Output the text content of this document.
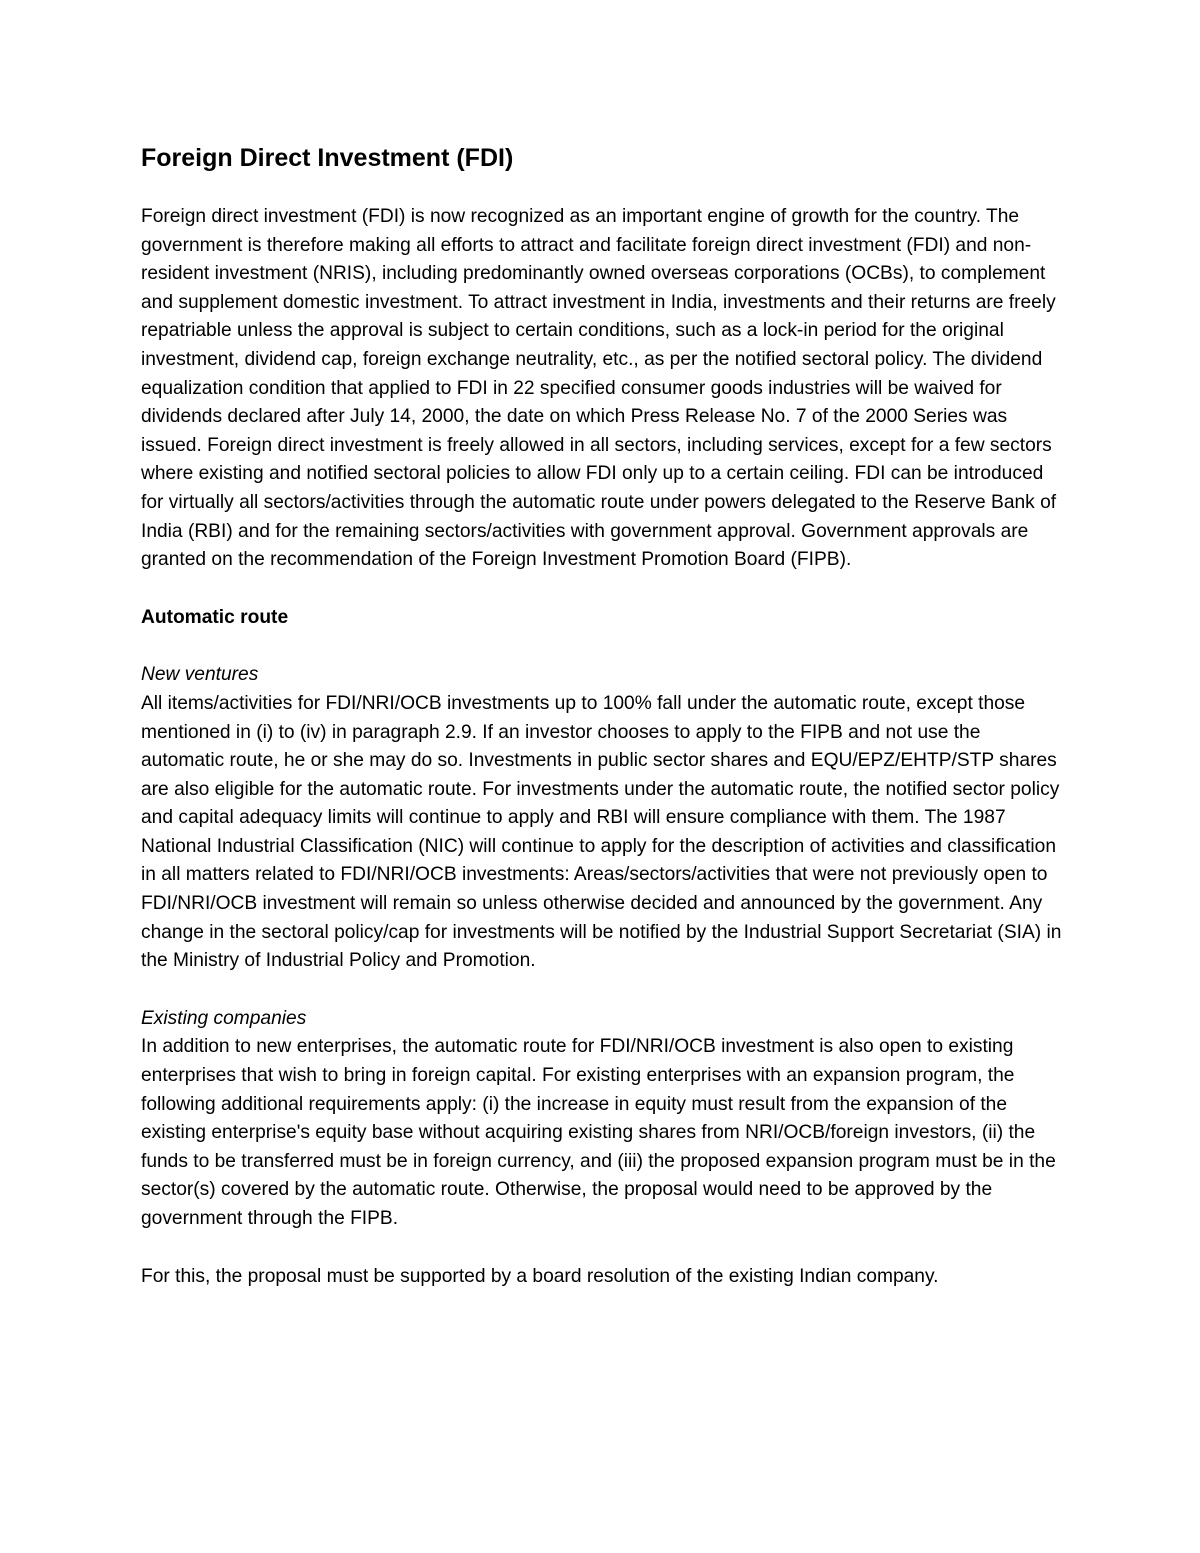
Foreign Direct Investment (FDI)

Foreign direct investment (FDI) is now recognized as an important engine of growth for the country. The government is therefore making all efforts to attract and facilitate foreign direct investment (FDI) and non-resident investment (NRIS), including predominantly owned overseas corporations (OCBs), to complement and supplement domestic investment. To attract investment in India, investments and their returns are freely repatriable unless the approval is subject to certain conditions, such as a lock-in period for the original investment, dividend cap, foreign exchange neutrality, etc., as per the notified sectoral policy. The dividend equalization condition that applied to FDI in 22 specified consumer goods industries will be waived for dividends declared after July 14, 2000, the date on which Press Release No. 7 of the 2000 Series was issued. Foreign direct investment is freely allowed in all sectors, including services, except for a few sectors where existing and notified sectoral policies to allow FDI only up to a certain ceiling. FDI can be introduced for virtually all sectors/activities through the automatic route under powers delegated to the Reserve Bank of India (RBI) and for the remaining sectors/activities with government approval. Government approvals are granted on the recommendation of the Foreign Investment Promotion Board (FIPB).

Automatic route
New ventures

All items/activities for FDI/NRI/OCB investments up to 100% fall under the automatic route, except those mentioned in (i) to (iv) in paragraph 2.9. If an investor chooses to apply to the FIPB and not use the automatic route, he or she may do so. Investments in public sector shares and EQU/EPZ/EHTP/STP shares are also eligible for the automatic route. For investments under the automatic route, the notified sector policy and capital adequacy limits will continue to apply and RBI will ensure compliance with them. The 1987 National Industrial Classification (NIC) will continue to apply for the description of activities and classification in all matters related to FDI/NRI/OCB investments: Areas/sectors/activities that were not previously open to FDI/NRI/OCB investment will remain so unless otherwise decided and announced by the government. Any change in the sectoral policy/cap for investments will be notified by the Industrial Support Secretariat (SIA) in the Ministry of Industrial Policy and Promotion.

Existing companies

In addition to new enterprises, the automatic route for FDI/NRI/OCB investment is also open to existing enterprises that wish to bring in foreign capital. For existing enterprises with an expansion program, the following additional requirements apply: (i) the increase in equity must result from the expansion of the existing enterprise's equity base without acquiring existing shares from NRI/OCB/foreign investors, (ii) the funds to be transferred must be in foreign currency, and (iii) the proposed expansion program must be in the sector(s) covered by the automatic route. Otherwise, the proposal would need to be approved by the government through the FIPB.

For this, the proposal must be supported by a board resolution of the existing Indian company.
